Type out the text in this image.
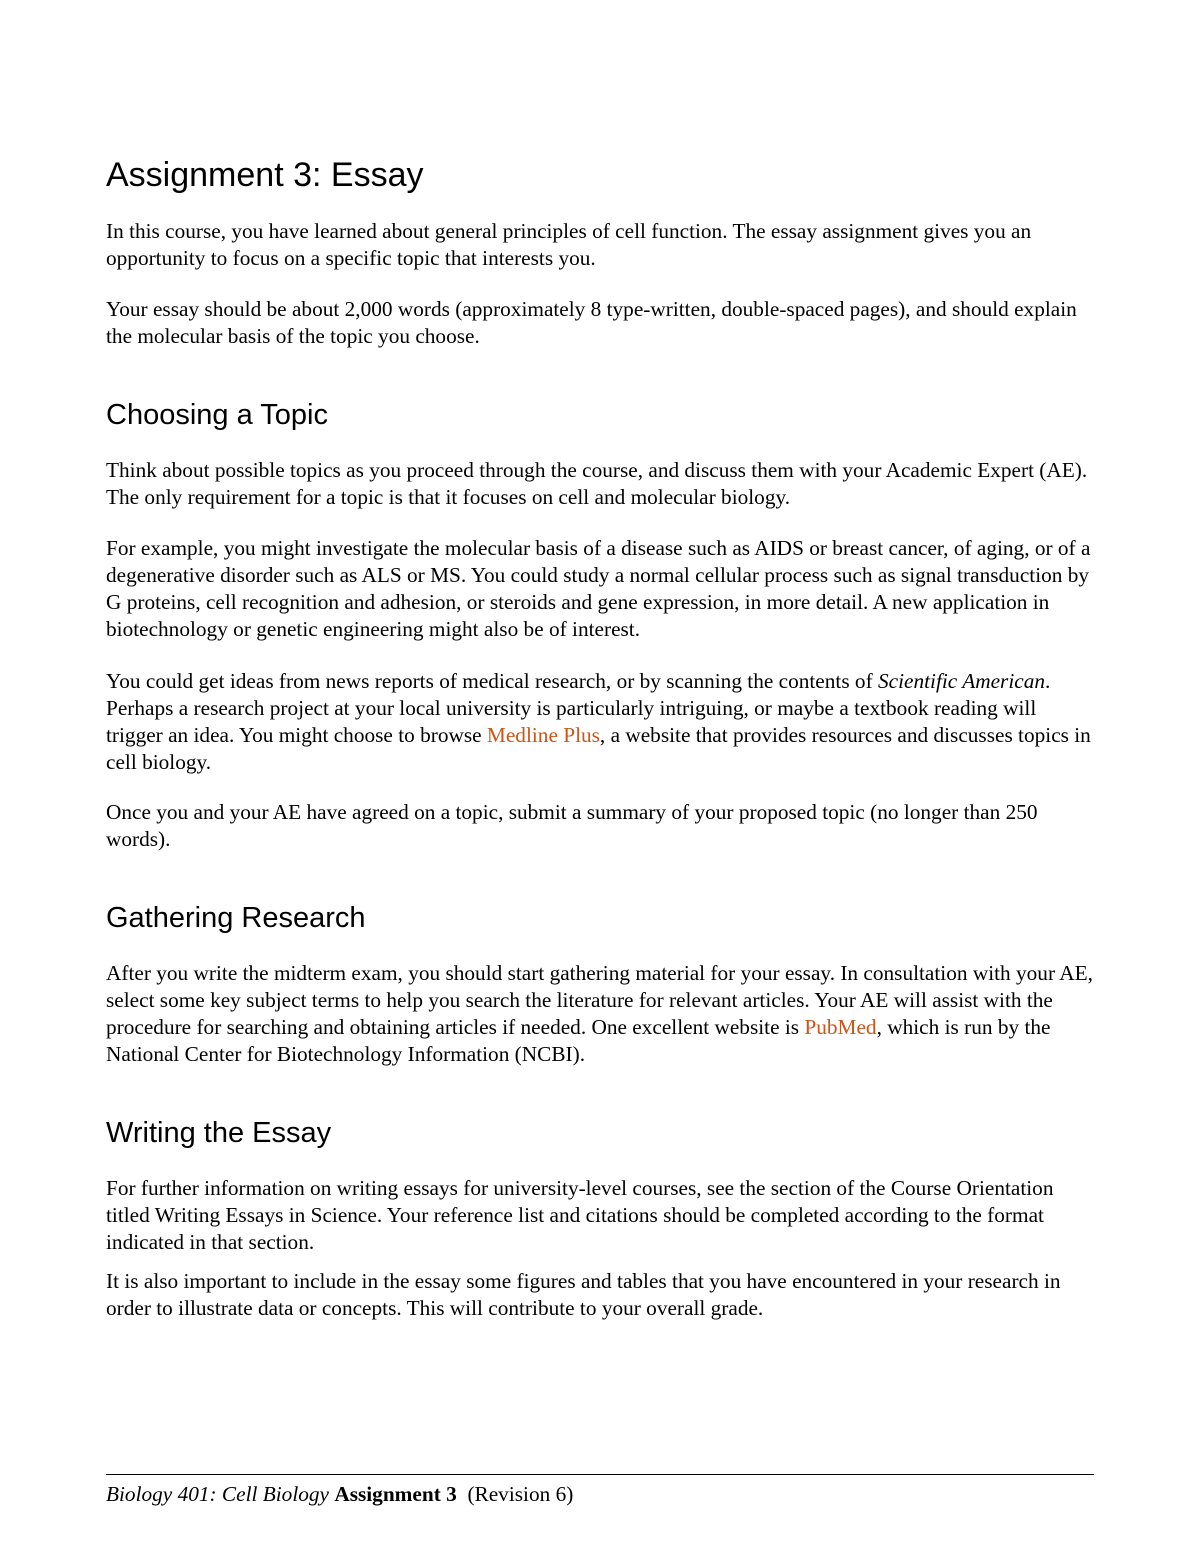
Assignment 3: Essay

In this course, you have learned about general principles of cell function. The essay assignment gives you an opportunity to focus on a specific topic that interests you.

Your essay should be about 2,000 words (approximately 8 type-written, double-spaced pages), and should explain the molecular basis of the topic you choose.

Choosing a Topic

Think about possible topics as you proceed through the course, and discuss them with your Academic Expert (AE). The only requirement for a topic is that it focuses on cell and molecular biology.

For example, you might investigate the molecular basis of a disease such as AIDS or breast cancer, of aging, or of a degenerative disorder such as ALS or MS. You could study a normal cellular process such as signal transduction by G proteins, cell recognition and adhesion, or steroids and gene expression, in more detail. A new application in biotechnology or genetic engineering might also be of interest.

You could get ideas from news reports of medical research, or by scanning the contents of Scientific American. Perhaps a research project at your local university is particularly intriguing, or maybe a textbook reading will trigger an idea. You might choose to browse Medline Plus, a website that provides resources and discusses topics in cell biology.

Once you and your AE have agreed on a topic, submit a summary of your proposed topic (no longer than 250 words).

Gathering Research

After you write the midterm exam, you should start gathering material for your essay. In consultation with your AE, select some key subject terms to help you search the literature for relevant articles. Your AE will assist with the procedure for searching and obtaining articles if needed. One excellent website is PubMed, which is run by the National Center for Biotechnology Information (NCBI).

Writing the Essay

For further information on writing essays for university-level courses, see the section of the Course Orientation titled Writing Essays in Science. Your reference list and citations should be completed according to the format indicated in that section.

It is also important to include in the essay some figures and tables that you have encountered in your research in order to illustrate data or concepts. This will contribute to your overall grade.

Biology 401: Cell Biology Assignment 3 (Revision 6)
